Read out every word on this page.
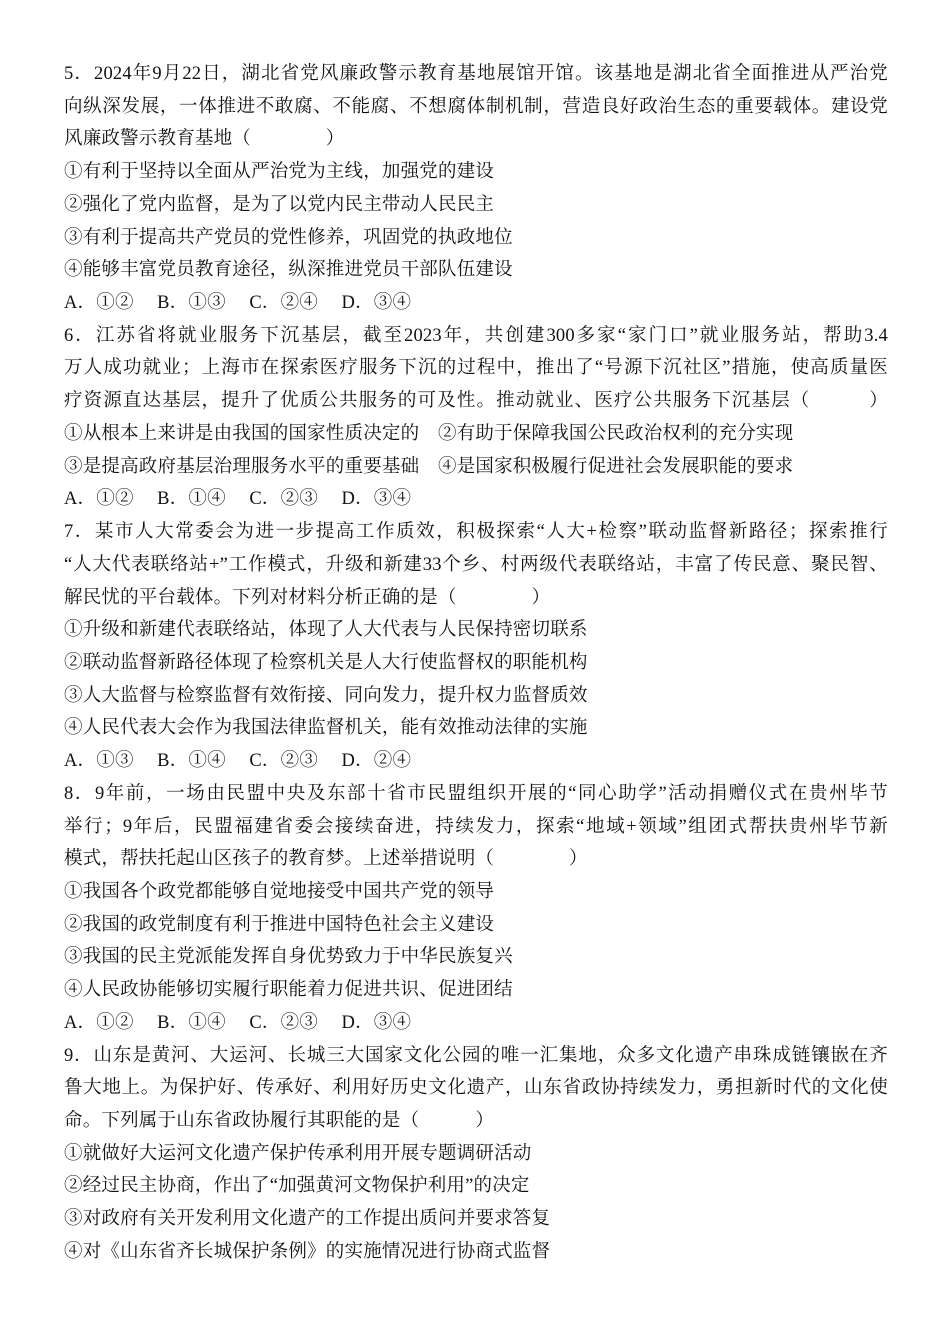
5．2024年9月22日，湖北省党风廉政警示教育基地展馆开馆。该基地是湖北省全面推进从严治党
向纵深发展，一体推进不敢腐、不能腐、不想腐体制机制，营造良好政治生态的重要载体。建设党
风廉政警示教育基地（　　　　）
①有利于坚持以全面从严治党为主线，加强党的建设
②强化了党内监督，是为了以党内民主带动人民民主
③有利于提高共产党员的党性修养，巩固党的执政地位
④能够丰富党员教育途径，纵深推进党员干部队伍建设
A．①②　 B．①③　 C．②④　 D．③④
6．江苏省将就业服务下沉基层，截至2023年，共创建300多家“家门口”就业服务站，帮助3.4
万人成功就业；上海市在探索医疗服务下沉的过程中，推出了“号源下沉社区”措施，使高质量医
疗资源直达基层，提升了优质公共服务的可及性。推动就业、医疗公共服务下沉基层（　　　）
①从根本上来讲是由我国的国家性质决定的　②有助于保障我国公民政治权利的充分实现
③是提高政府基层治理服务水平的重要基础　④是国家积极履行促进社会发展职能的要求
A．①②　 B．①④　 C．②③　 D．③④
7．某市人大常委会为进一步提高工作质效，积极探索“人大+检察”联动监督新路径；探索推行
“人大代表联络站+”工作模式，升级和新建33个乡、村两级代表联络站，丰富了传民意、聚民智、
解民忧的平台载体。下列对材料分析正确的是（　　　　）
①升级和新建代表联络站，体现了人大代表与人民保持密切联系
②联动监督新路径体现了检察机关是人大行使监督权的职能机构
③人大监督与检察监督有效衔接、同向发力，提升权力监督质效
④人民代表大会作为我国法律监督机关，能有效推动法律的实施
A．①③　 B．①④　 C．②③　 D．②④
8．9年前，一场由民盟中央及东部十省市民盟组织开展的“同心助学”活动捐赠仪式在贵州毕节
举行；9年后，民盟福建省委会接续奋进，持续发力，探索“地域+领域”组团式帮扶贵州毕节新
模式，帮扶托起山区孩子的教育梦。上述举措说明（　　　　）
①我国各个政党都能够自觉地接受中国共产党的领导
②我国的政党制度有利于推进中国特色社会主义建设
③我国的民主党派能发挥自身优势致力于中华民族复兴
④人民政协能够切实履行职能着力促进共识、促进团结
A．①②　 B．①④　 C．②③　 D．③④
9．山东是黄河、大运河、长城三大国家文化公园的唯一汇集地，众多文化遗产串珠成链镶嵌在齐
鲁大地上。为保护好、传承好、利用好历史文化遗产，山东省政协持续发力，勇担新时代的文化使
命。下列属于山东省政协履行其职能的是（　　　）
①就做好大运河文化遗产保护传承利用开展专题调研活动
②经过民主协商，作出了“加强黄河文物保护利用”的决定
③对政府有关开发利用文化遗产的工作提出质问并要求答复
④对《山东省齐长城保护条例》的实施情况进行协商式监督
